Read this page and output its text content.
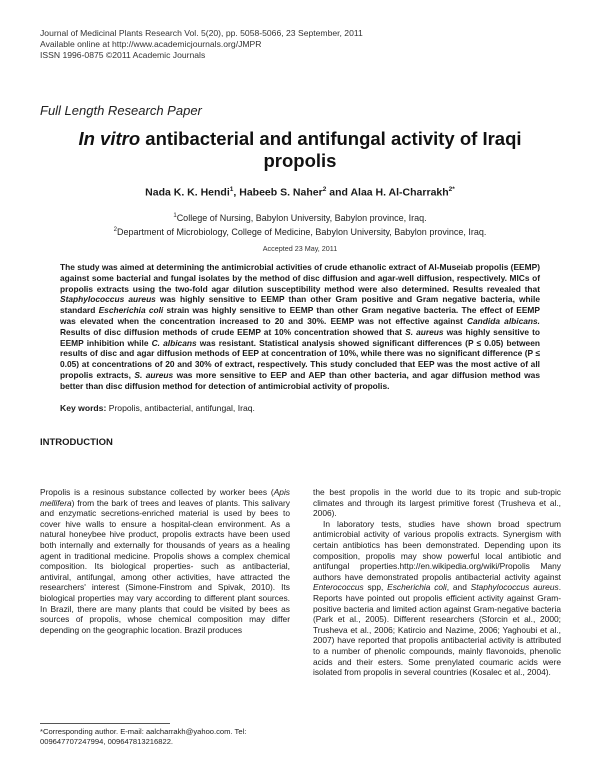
Journal of Medicinal Plants Research Vol. 5(20), pp. 5058-5066, 23 September, 2011
Available online at http://www.academicjournals.org/JMPR
ISSN 1996-0875 ©2011 Academic Journals
Full Length Research Paper
In vitro antibacterial and antifungal activity of Iraqi propolis
Nada K. K. Hendi$^1$, Habeeb S. Naher$^2$ and Alaa H. Al-Charrakh$^{2*}$
$^1$College of Nursing, Babylon University, Babylon province, Iraq.
$^2$Department of Microbiology, College of Medicine, Babylon University, Babylon province, Iraq.
Accepted 23 May, 2011
The study was aimed at determining the antimicrobial activities of crude ethanolic extract of Al-Museiab propolis (EEMP) against some bacterial and fungal isolates by the method of disc diffusion and agar-well diffusion, respectively. MICs of propolis extracts using the two-fold agar dilution susceptibility method were also determined. Results revealed that Staphylococcus aureus was highly sensitive to EEMP than other Gram positive and Gram negative bacteria, while standard Escherichia coli strain was highly sensitive to EEMP than other Gram negative bacteria. The effect of EEMP was elevated when the concentration increased to 20 and 30%. EEMP was not effective against Candida albicans. Results of disc diffusion methods of crude EEMP at 10% concentration showed that S. aureus was highly sensitive to EEMP inhibition while C. albicans was resistant. Statistical analysis showed significant differences (P ≤ 0.05) between results of disc and agar diffusion methods of EEP at concentration of 10%, while there was no significant difference (P ≤ 0.05) at concentrations of 20 and 30% of extract, respectively. This study concluded that EEP was the most active of all propolis extracts, S. aureus was more sensitive to EEP and AEP than other bacteria, and agar diffusion method was better than disc diffusion method for detection of antimicrobial activity of propolis.
Key words: Propolis, antibacterial, antifungal, Iraq.
INTRODUCTION

Propolis is a resinous substance collected by worker bees (Apis mellifera) from the bark of trees and leaves of plants. This salivary and enzymatic secretions-enriched material is used by bees to cover hive walls to ensure a hospital-clean environment. As a natural honeybee hive product, propolis extracts have been used both internally and externally for thousands of years as a healing agent in traditional medicine. Propolis shows a complex chemical composition. Its biological properties- such as antibacterial, antiviral, antifungal, among other activities, have attracted the researchers' interest (Simone-Finstrom and Spivak, 2010). Its biological properties may vary according to different plant sources. In Brazil, there are many plants that could be visited by bees as sources of propolis, whose chemical composition may differ depending on the geographic location. Brazil produces

the best propolis in the world due to its tropic and sub-tropic climates and through its largest primitive forest (Trusheva et al., 2006).

In laboratory tests, studies have shown broad spectrum antimicrobial activity of various propolis extracts. Synergism with certain antibiotics has been demonstrated. Depending upon its composition, propolis may show powerful local antibiotic and antifungal properties.http://en.wikipedia.org/wiki/Propolis Many authors have demonstrated propolis antibacterial activity against Enterococcus spp, Escherichia coli, and Staphylococcus aureus. Reports have pointed out propolis efficient activity against Gram-positive bacteria and limited action against Gram-negative bacteria (Park et al., 2005). Different researchers (Sforcin et al., 2000; Trusheva et al., 2006; Katircio and Nazime, 2006; Yaghoubi et al., 2007) have reported that propolis antibacterial activity is attributed to a number of phenolic compounds, mainly flavonoids, phenolic acids and their esters. Some prenylated coumaric acids were isolated from propolis in several countries (Kosalec et al., 2004).

*Corresponding author. E-mail: aalcharrakh@yahoo.com. Tel: 009647707247994, 009647813216822.
